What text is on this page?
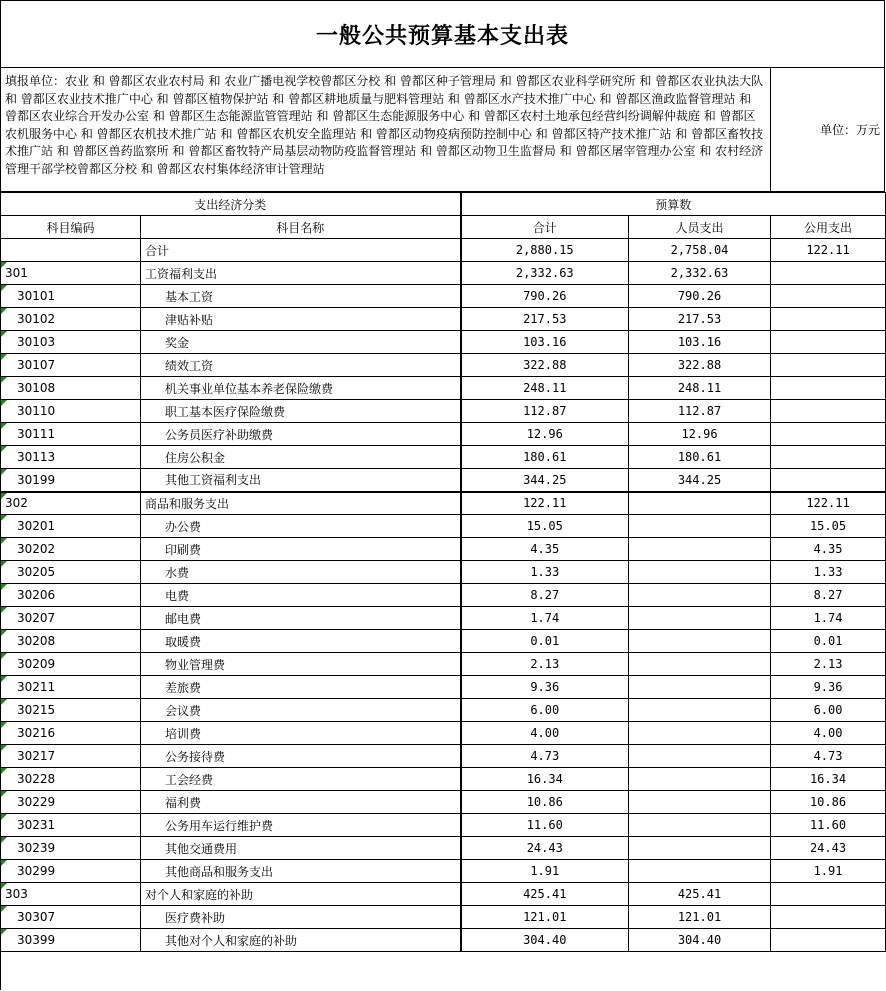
一般公共预算基本支出表
填报单位：农业 和 曾都区农业农村局 和 农业广播电视学校曾都区分校 和 曾都区种子管理局 和 曾都区农业科学研究所 和 曾都区农业执法大队 和 曾都区农业技术推广中心 和 曾都区植物保护站 和 曾都区耕地质量与肥料管理站 和 曾都区水产技术推广中心 和 曾都区渔政监督管理站 和 曾都区农业综合开发办公室 和 曾都区生态能源监管管理站 和 曾都区生态能源服务中心 和 曾都区农村土地承包经营纠纷调解仲裁庭 和 曾都区农机服务中心 和 曾都区农机技术推广站 和 曾都区农机安全监理站 和 曾都区动物疫病预防控制中心 和 曾都区特产技术推广站 和 曾都区畜牧技术推广站 和 曾都区兽药监察所 和 曾都区畜牧特产局基层动物防疫监督管理站 和 曾都区动物卫生监督局 和 曾都区屠宰管理办公室 和 农村经济管理干部学校曾都区分校 和 曾都区农村集体经济审计管理站
单位：万元
支出经济分类		预算数		
科目编码	科目名称	合计	人员支出	公用支出
	合计	2,880.15	2,758.04	122.11
301	工资福利支出	2,332.63	2,332.63	
30101	基本工资	790.26	790.26	
30102	津贴补贴	217.53	217.53	
30103	奖金	103.16	103.16	
30107	绩效工资	322.88	322.88	
30108	机关事业单位基本养老保险缴费	248.11	248.11	
30110	职工基本医疗保险缴费	112.87	112.87	
30111	公务员医疗补助缴费	12.96	12.96	
30113	住房公积金	180.61	180.61	
30199	其他工资福利支出	344.25	344.25	
302	商品和服务支出	122.11		122.11
30201	办公费	15.05		15.05
30202	印刷费	4.35		4.35
30205	水费	1.33		1.33
30206	电费	8.27		8.27
30207	邮电费	1.74		1.74
30208	取暖费	0.01		0.01
30209	物业管理费	2.13		2.13
30211	差旅费	9.36		9.36
30215	会议费	6.00		6.00
30216	培训费	4.00		4.00
30217	公务接待费	4.73		4.73
30228	工会经费	16.34		16.34
30229	福利费	10.86		10.86
30231	公务用车运行维护费	11.60		11.60
30239	其他交通费用	24.43		24.43
30299	其他商品和服务支出	1.91		1.91
303	对个人和家庭的补助	425.41	425.41	
30307	医疗费补助	121.01	121.01	
30399	其他对个人和家庭的补助	304.40	304.40	
